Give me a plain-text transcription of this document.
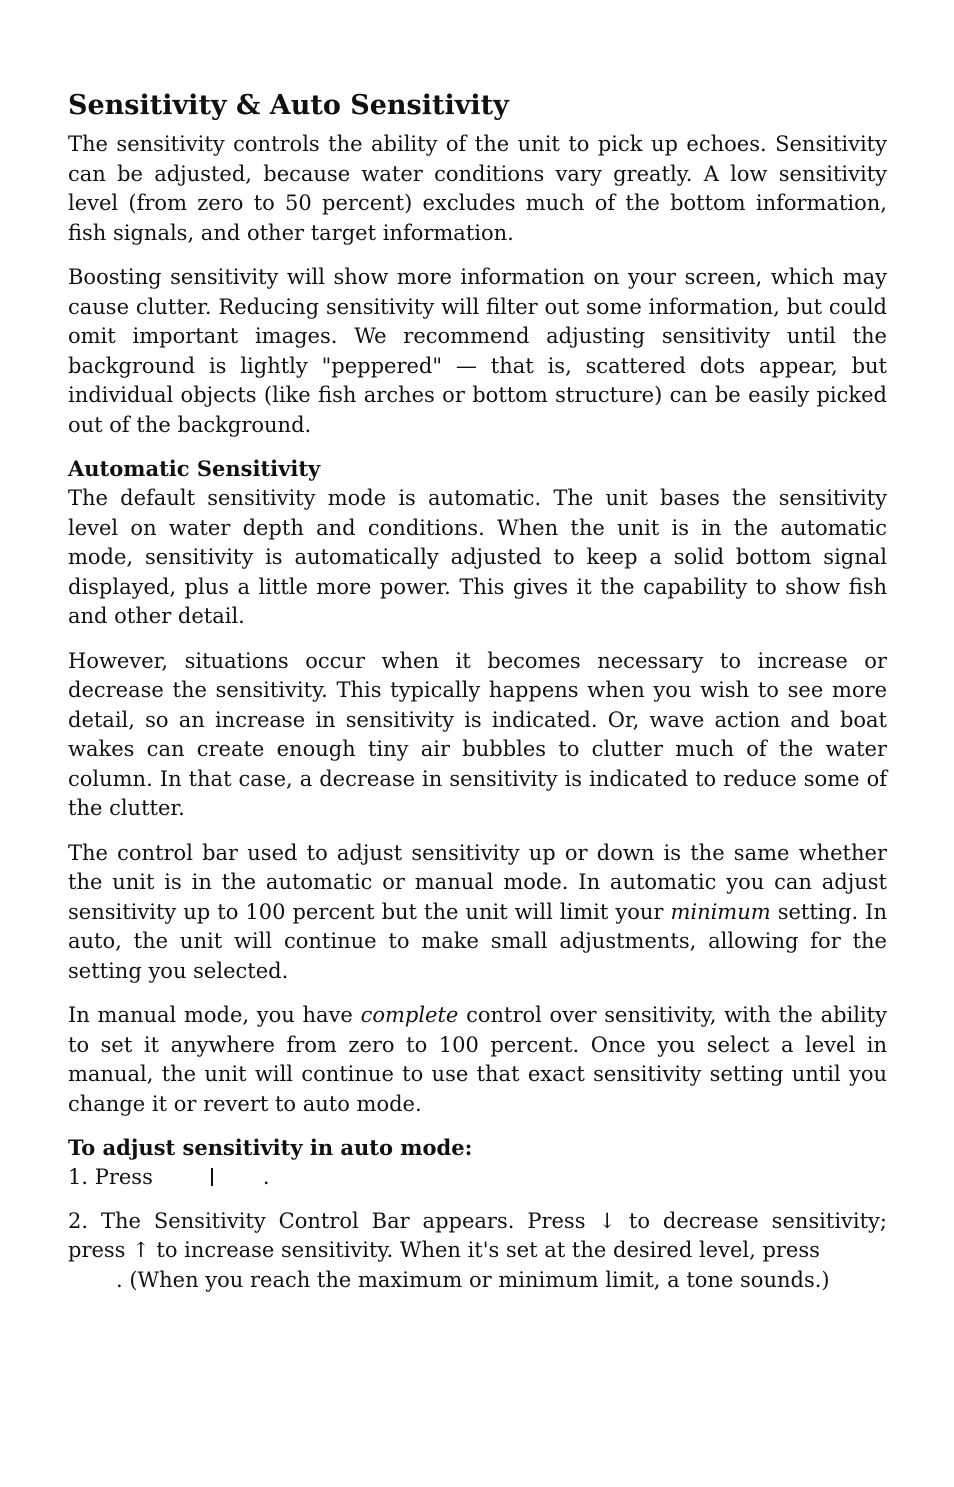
Sensitivity & Auto Sensitivity

The sensitivity controls the ability of the unit to pick up echoes. Sensitivity can be adjusted, because water conditions vary greatly. A low sensitivity level (from zero to 50 percent) excludes much of the bottom information, fish signals, and other target information.

Boosting sensitivity will show more information on your screen, which may cause clutter. Reducing sensitivity will filter out some information, but could omit important images. We recommend adjusting sensitivity until the background is lightly "peppered" — that is, scattered dots appear, but individual objects (like fish arches or bottom structure) can be easily picked out of the background.

Automatic Sensitivity

The default sensitivity mode is automatic. The unit bases the sensitivity level on water depth and conditions. When the unit is in the automatic mode, sensitivity is automatically adjusted to keep a solid bottom signal displayed, plus a little more power. This gives it the capability to show fish and other detail.

However, situations occur when it becomes necessary to increase or decrease the sensitivity. This typically happens when you wish to see more detail, so an increase in sensitivity is indicated. Or, wave action and boat wakes can create enough tiny air bubbles to clutter much of the water column. In that case, a decrease in sensitivity is indicated to reduce some of the clutter.

The control bar used to adjust sensitivity up or down is the same whether the unit is in the automatic or manual mode. In automatic you can adjust sensitivity up to 100 percent but the unit will limit your minimum setting. In auto, the unit will continue to make small adjustments, allowing for the setting you selected.

In manual mode, you have complete control over sensitivity, with the ability to set it anywhere from zero to 100 percent. Once you select a level in manual, the unit will continue to use that exact sensitivity setting until you change it or revert to auto mode.

To adjust sensitivity in auto mode:
1. Press	.
2. The Sensitivity Control Bar appears. Press ↓ to decrease sensitivity; press ↑ to increase sensitivity. When it's set at the desired level, press
. (When you reach the maximum or minimum limit, a tone sounds.)
